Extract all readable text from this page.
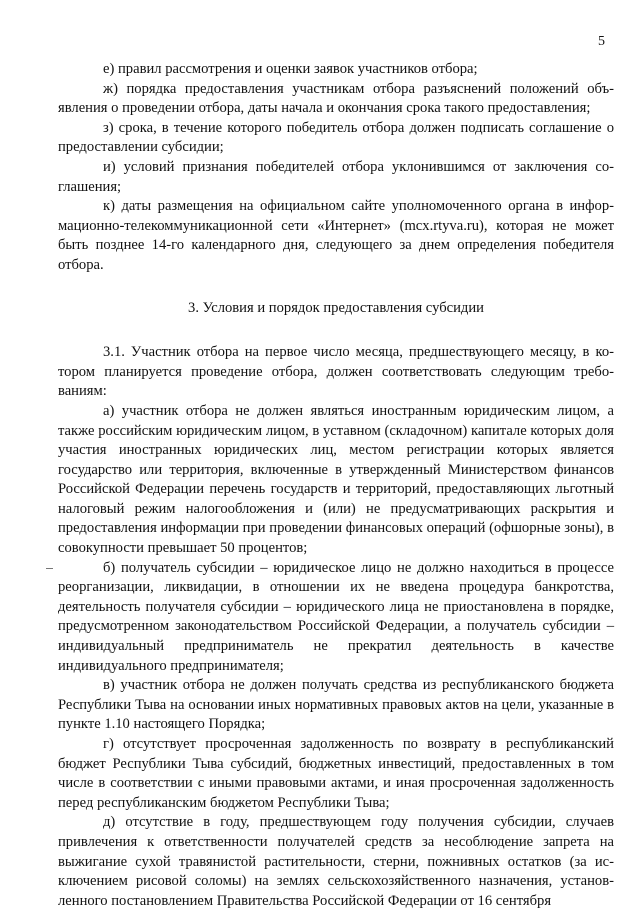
5

е) правил рассмотрения и оценки заявок участников отбора;

ж) порядка предоставления участникам отбора разъяснений положений объявления о проведении отбора, даты начала и окончания срока такого предоставления;

з) срока, в течение которого победитель отбора должен подписать соглашение о предоставлении субсидии;

и) условий признания победителей отбора уклонившимся от заключения соглашения;

к) даты размещения на официальном сайте уполномоченного органа в информационно-телекоммуникационной сети «Интернет» (mcx.rtyva.ru), которая не может быть позднее 14-го календарного дня, следующего за днем определения победителя отбора.

3. Условия и порядок предоставления субсидии

3.1. Участник отбора на первое число месяца, предшествующего месяцу, в котором планируется проведение отбора, должен соответствовать следующим требованиям:

а) участник отбора не должен являться иностранным юридическим лицом, а также российским юридическим лицом, в уставном (складочном) капитале которых доля участия иностранных юридических лиц, местом регистрации которых является государство или территория, включенные в утвержденный Министерством финансов Российской Федерации перечень государств и территорий, предоставляющих льготный налоговый режим налогообложения и (или) не предусматривающих раскрытия и предоставления информации при проведении финансовых операций (офшорные зоны), в совокупности превышает 50 процентов;

б) получатель субсидии – юридическое лицо не должно находиться в процессе реорганизации, ликвидации, в отношении их не введена процедура банкротства, деятельность получателя субсидии – юридического лица не приостановлена в порядке, предусмотренном законодательством Российской Федерации, а получатель субсидии – индивидуальный предприниматель не прекратил деятельность в качестве индивидуального предпринимателя;

в) участник отбора не должен получать средства из республиканского бюджета Республики Тыва на основании иных нормативных правовых актов на цели, указанные в пункте 1.10 настоящего Порядка;

г) отсутствует просроченная задолженность по возврату в республиканский бюджет Республики Тыва субсидий, бюджетных инвестиций, предоставленных в том числе в соответствии с иными правовыми актами, и иная просроченная задолженность перед республиканским бюджетом Республики Тыва;

д) отсутствие в году, предшествующем году получения субсидии, случаев привлечения к ответственности получателей средств за несоблюдение запрета на выжигание сухой травянистой растительности, стерни, пожнивных остатков (за исключением рисовой соломы) на землях сельскохозяйственного назначения, установленного постановлением Правительства Российской Федерации от 16 сентября
